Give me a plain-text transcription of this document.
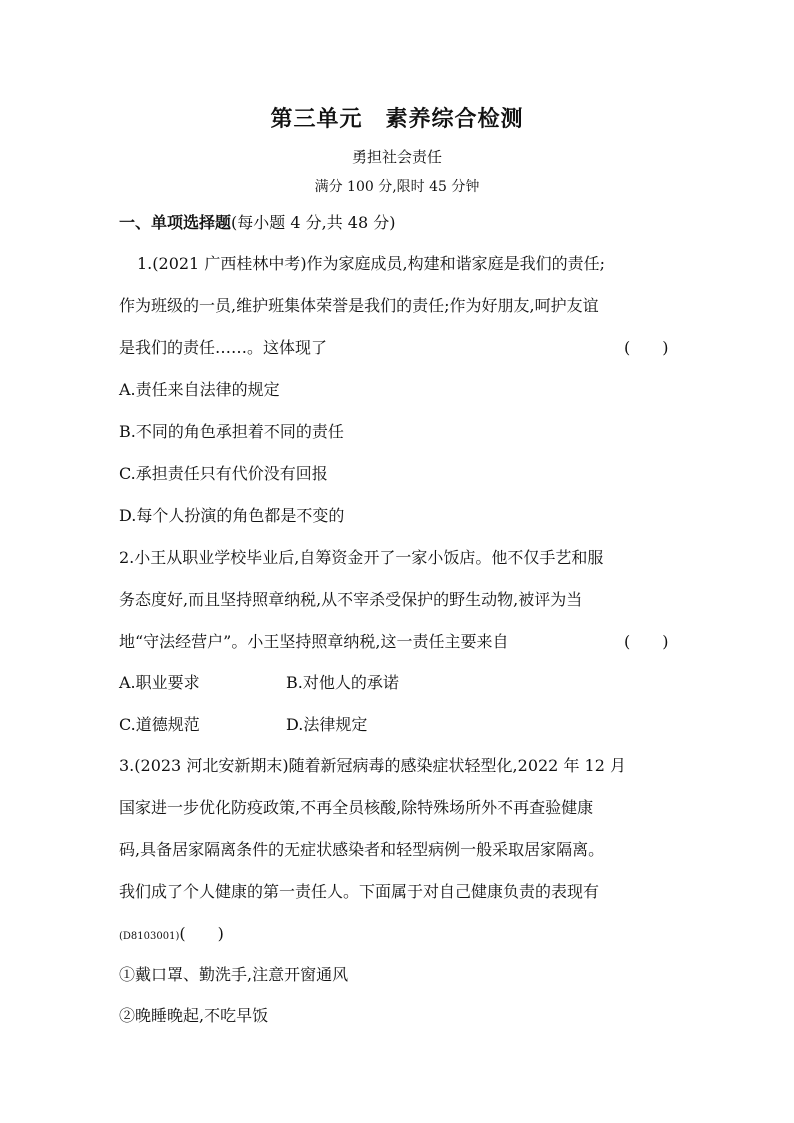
第三单元　素养综合检测
勇担社会责任
满分 100 分,限时 45 分钟
一、单项选择题(每小题 4 分,共 48 分)
1.(2021 广西桂林中考)作为家庭成员,构建和谐家庭是我们的责任;
作为班级的一员,维护班集体荣誉是我们的责任;作为好朋友,呵护友谊
是我们的责任……。这体现了	(　　)
A.责任来自法律的规定
B.不同的角色承担着不同的责任
C.承担责任只有代价没有回报
D.每个人扮演的角色都是不变的
2.小王从职业学校毕业后,自筹资金开了一家小饭店。他不仅手艺和服
务态度好,而且坚持照章纳税,从不宰杀受保护的野生动物,被评为当
地“守法经营户”。小王坚持照章纳税,这一责任主要来自	(　　)
A.职业要求	B.对他人的承诺
C.道德规范	D.法律规定
3.(2023 河北安新期末)随着新冠病毒的感染症状轻型化,2022 年 12 月
国家进一步优化防疫政策,不再全员核酸,除特殊场所外不再查验健康
码,具备居家隔离条件的无症状感染者和轻型病例一般采取居家隔离。
我们成了个人健康的第一责任人。下面属于对自己健康负责的表现有
(D8103001)(　　)
①戴口罩、勤洗手,注意开窗通风
②晚睡晚起,不吃早饭
